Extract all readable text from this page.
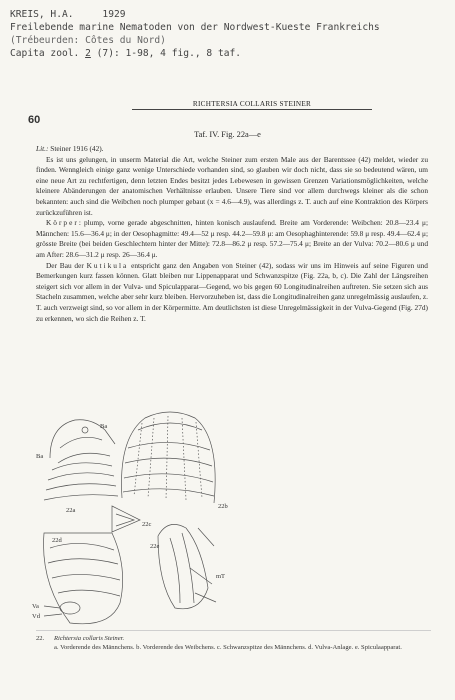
KREIS, H.A.     1929
Freilebende marine Nematoden von der Nordwest-Kueste Frankreichs
(Trébeurden: Côtes du Nord)
Capita zool. 2 (7): 1-98, 4 fig., 8 taf.
60
RICHTERSIA COLLARIS STEINER
Taf. IV. Fig. 22a—e

Lit.: Steiner 1916 (42).

Es ist uns gelungen, in unserm Material die Art, welche Steiner zum ersten Male aus der Barentssee (42) meldet, wieder zu finden. Wenngleich einige ganz wenige Unterschiede vorhanden sind, so glauben wir doch nicht, dass sie so bedeutend wären, um eine neue Art zu rechtfertigen, denn letzten Endes besitzt jedes Lebewesen in gewissen Grenzen Variationsmöglichkeiten, welche kleinere Abänderungen der anatomischen Verhältnisse erlauben. Unsere Tiere sind vor allem durchwegs kleiner als die schon bekannten: auch sind die Weibchen noch plumper gebaut (x = 4.6—4.9), was allerdings z. T. auch auf eine Kontraktion des Körpers zurückzuführen ist.

Körper: plump, vorne gerade abgeschnitten, hinten konisch auslaufend. Breite am Vorderende: Weibchen: 20.8—23.4 μ; Männchen: 15.6—36.4 μ; in der Oesophagmitte: 49.4—52 μ resp. 44.2—59.8 μ: am Oesophaghinterende: 59.8 μ resp. 49.4—62.4 μ; grösste Breite (bei beiden Geschlechtern hinter der Mitte): 72.8—86.2 μ resp. 57.2—75.4 μ; Breite an der Vulva: 70.2—80.6 μ und am After: 28.6—31.2 μ resp. 26—36.4 μ.

Der Bau der Kutikula entspricht ganz den Angaben von Steiner (42), sodass wir uns im Hinweis auf seine Figuren und Bemerkungen kurz fassen können. Glatt bleiben nur Lippenapparat und Schwanzspitze (Fig. 22a, b, c). Die Zahl der Längsreihen steigert sich vor allem in der Vulva- und Spiculapparat—Gegend, wo bis gegen 60 Longitudinalreihen auftreten. Sie setzen sich aus Stacheln zusammen, welche aber sehr kurz bleiben. Hervorzuheben ist, dass die Longitudinalreihen ganz unregelmässig auslaufen, z. T. auch verzweigt sind, so vor allem in der Körpermitte. Am deutlichsten ist diese Unregelmässigkeit in der Vulva-Gegend (Fig. 27d) zu erkennen, wo sich die Reihen z. T.

Ba
Ba
22a
22b
22c
22d
22e
Va
Vd
mT
22. Richtersia collaris Steiner.
a. Vorderende des Männchens. b. Vorderende des Weibchens. c. Schwanzspitze des Männchens. d. Vulva-Anlage. e. Spiculaapparat.
